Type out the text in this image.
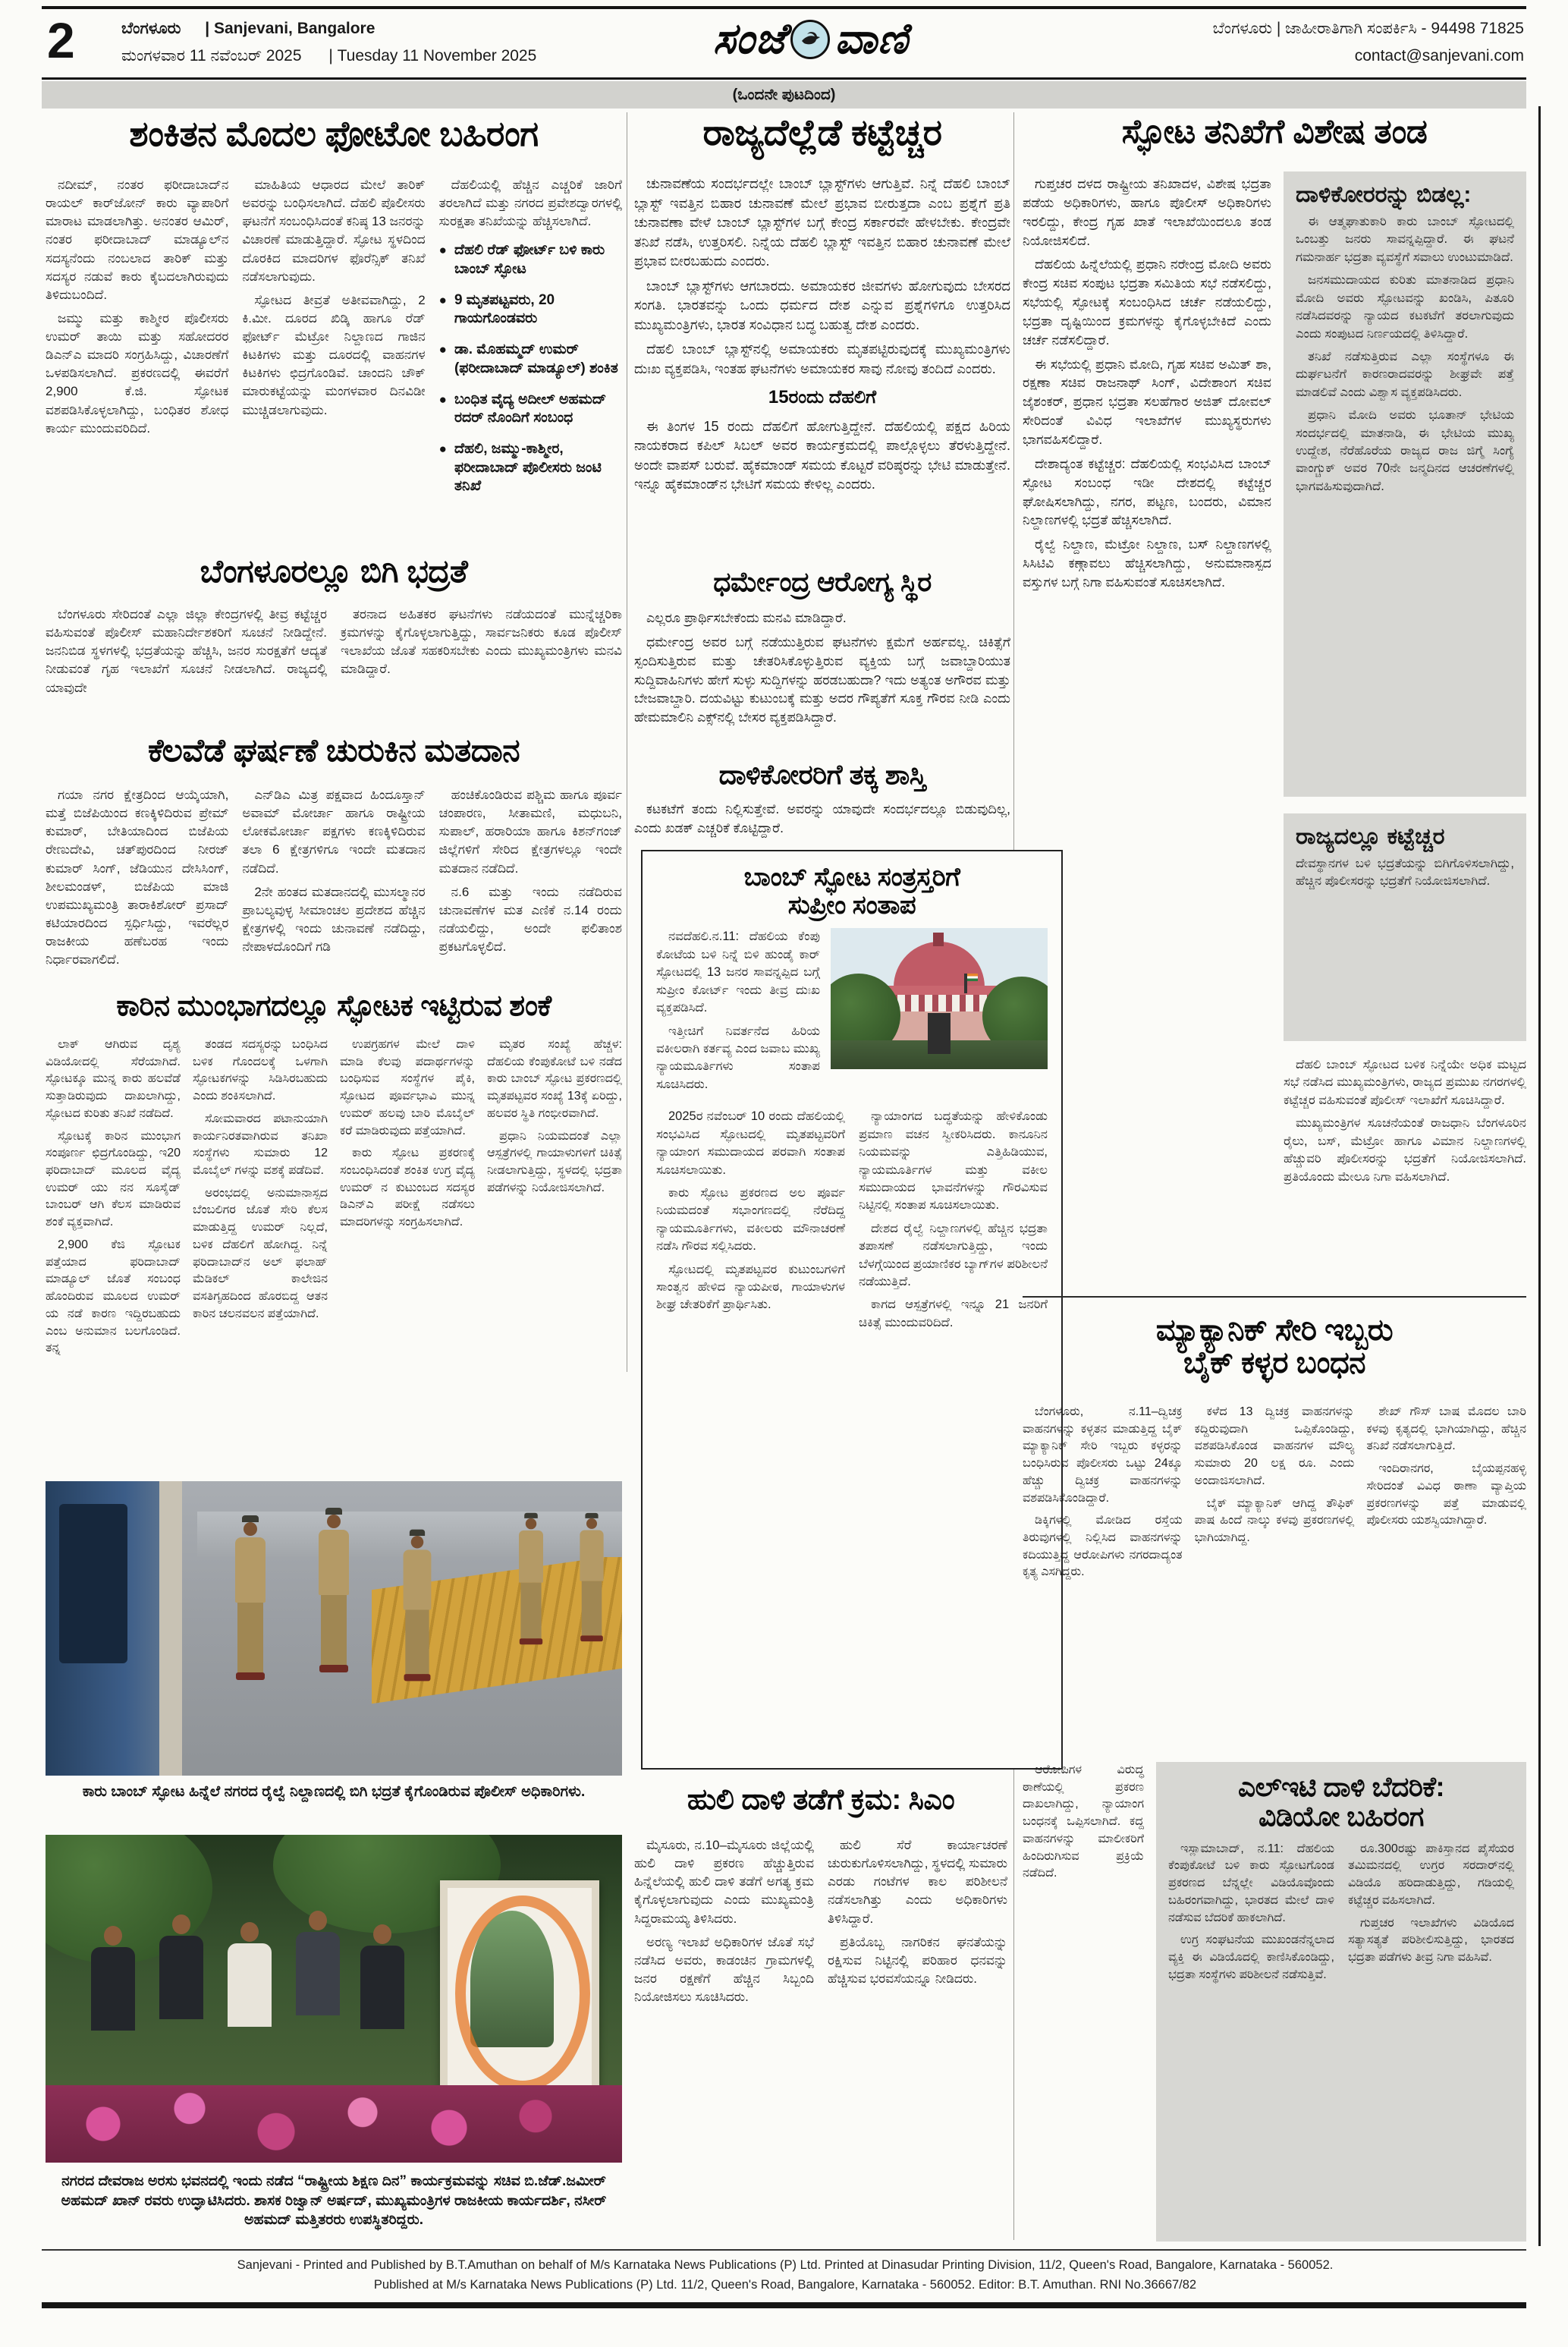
2	ಬೆಂಗಳೂರು | Sanjevani, Bangalore
ಮಂಗಳವಾರ 11 ನವೆಂಬರ್ 2025 | Tuesday 11 November 2025	ಸಂಜೆ ವಾಣಿ	ಬೆಂಗಳೂರು | ಜಾಹೀರಾತಿಗಾಗಿ ಸಂಪರ್ಕಿಸಿ - 94498 71825
contact@sanjevani.com
(ಒಂದನೇ ಪುಟದಿಂದ)
ಶಂಕಿತನ ಮೊದಲ ಫೋಟೋ ಬಹಿರಂಗ

ನದೀಮ್, ನಂತರ ಫರೀದಾಬಾದ್‌ನ ರಾಯಲ್ ಕಾರ್‌ಜೋನ್ ಕಾರು ವ್ಯಾಪಾರಿಗೆ ಮಾರಾಟ ಮಾಡಲಾಗಿತ್ತು. ಅನಂತರ ಆಮಿರ್, ನಂತರ ಫರೀದಾಬಾದ್ ಮಾಡ್ಯೂಲ್‌ನ ಸದಸ್ಯನೆಂದು ನಂಬಲಾದ ತಾರಿಕ್ ಮತ್ತು ಸದಸ್ಯರ ನಡುವೆ ಕಾರು ಕೈಬದಲಾಗಿರುವುದು ತಿಳಿದುಬಂದಿದೆ.

ಜಮ್ಮು ಮತ್ತು ಕಾಶ್ಮೀರ ಪೊಲೀಸರು ಉಮರ್ ತಾಯಿ ಮತ್ತು ಸಹೋದರರ ಡಿಎನ್‌ಎ ಮಾದರಿ ಸಂಗ್ರಹಿಸಿದ್ದು, ವಿಚಾರಣೆಗೆ ಒಳಪಡಿಸಲಾಗಿದೆ. ಪ್ರಕರಣದಲ್ಲಿ ಈವರೆಗೆ 2,900 ಕೆ.ಜಿ. ಸ್ಫೋಟಕ ವಶಪಡಿಸಿಕೊಳ್ಳಲಾಗಿದ್ದು, ಬಂಧಿತರ ಶೋಧ ಕಾರ್ಯ ಮುಂದುವರಿದಿದೆ.

ಮಾಹಿತಿಯ ಆಧಾರದ ಮೇಲೆ ತಾರಿಕ್ ಅವರನ್ನು ಬಂಧಿಸಲಾಗಿದೆ. ದೆಹಲಿ ಪೊಲೀಸರು ಘಟನೆಗೆ ಸಂಬಂಧಿಸಿದಂತೆ ಕನಿಷ್ಠ 13 ಜನರನ್ನು ವಿಚಾರಣೆ ಮಾಡುತ್ತಿದ್ದಾರೆ. ಸ್ಫೋಟ ಸ್ಥಳದಿಂದ ದೊರಕಿದ ಮಾದರಿಗಳ ಫೊರೆನ್ಸಿಕ್ ತನಿಖೆ ನಡೆಸಲಾಗುವುದು.

ಸ್ಫೋಟದ ತೀವ್ರತೆ ಅತೀವವಾಗಿದ್ದು, 2 ಕಿ.ಮೀ. ದೂರದ ಖಿಡ್ಕಿ ಹಾಗೂ ರೆಡ್ ಫೋರ್ಟ್ ಮೆಟ್ರೋ ನಿಲ್ದಾಣದ ಗಾಜಿನ ಕಿಟಕಿಗಳು ಮತ್ತು ದೂರದಲ್ಲಿ ವಾಹನಗಳ ಕಿಟಕಿಗಳು ಛಿದ್ರಗೊಂಡಿವೆ. ಚಾಂದನಿ ಚೌಕ್ ಮಾರುಕಟ್ಟೆಯನ್ನು ಮಂಗಳವಾರ ದಿನವಿಡೀ ಮುಚ್ಚಿಡಲಾಗುವುದು.

ದೆಹಲಿಯಲ್ಲಿ ಹೆಚ್ಚಿನ ಎಚ್ಚರಿಕೆ ಜಾರಿಗೆ ತರಲಾಗಿದೆ ಮತ್ತು ನಗರದ ಪ್ರವೇಶದ್ವಾರಗಳಲ್ಲಿ ಸುರಕ್ಷತಾ ತನಿಖೆಯನ್ನು ಹೆಚ್ಚಿಸಲಾಗಿದೆ.

● ದೆಹಲಿ ರೆಡ್ ಫೋರ್ಟ್ ಬಳಿ ಕಾರು ಬಾಂಬ್ ಸ್ಫೋಟ
● 9 ಮೃತಪಟ್ಟವರು, 20 ಗಾಯಗೊಂಡವರು
● ಡಾ. ಮೊಹಮ್ಮದ್ ಉಮರ್ (ಫರೀದಾಬಾದ್ ಮಾಡ್ಯೂಲ್) ಶಂಕಿತ
● ಬಂಧಿತ ವೈದ್ಯ ಅದೀಲ್ ಅಹಮದ್ ರದರ್ ನೊಂದಿಗೆ ಸಂಬಂಧ
● ದೆಹಲಿ, ಜಮ್ಮು-ಕಾಶ್ಮೀರ, ಫರೀದಾಬಾದ್ ಪೊಲೀಸರು ಜಂಟಿ ತನಿಖೆ
ಬೆಂಗಳೂರಲ್ಲೂ ಬಿಗಿ ಭದ್ರತೆ

ಬೆಂಗಳೂರು ಸೇರಿದಂತೆ ಎಲ್ಲಾ ಜಿಲ್ಲಾ ಕೇಂದ್ರಗಳಲ್ಲಿ ತೀವ್ರ ಕಟ್ಟೆಚ್ಚರ ವಹಿಸುವಂತೆ ಪೊಲೀಸ್ ಮಹಾನಿರ್ದೇಶಕರಿಗೆ ಸೂಚನೆ ನೀಡಿದ್ದೇನೆ. ಜನನಿಬಿಡ ಸ್ಥಳಗಳಲ್ಲಿ ಭದ್ರತೆಯನ್ನು ಹೆಚ್ಚಿಸಿ, ಜನರ ಸುರಕ್ಷತೆಗೆ ಆದ್ಯತೆ ನೀಡುವಂತೆ ಗೃಹ ಇಲಾಖೆಗೆ ಸೂಚನೆ ನೀಡಲಾಗಿದೆ. ರಾಜ್ಯದಲ್ಲಿ ಯಾವುದೇ

ತರನಾದ ಅಹಿತಕರ ಘಟನೆಗಳು ನಡೆಯದಂತೆ ಮುನ್ನೆಚ್ಚರಿಕಾ ಕ್ರಮಗಳನ್ನು ಕೈಗೊಳ್ಳಲಾಗುತ್ತಿದ್ದು, ಸಾರ್ವಜನಿಕರು ಕೂಡ ಪೊಲೀಸ್ ಇಲಾಖೆಯ ಜೊತೆ ಸಹಕರಿಸಬೇಕು ಎಂದು ಮುಖ್ಯಮಂತ್ರಿಗಳು ಮನವಿ ಮಾಡಿದ್ದಾರೆ.

ಕೆಲವೆಡೆ ಘರ್ಷಣೆ ಚುರುಕಿನ ಮತದಾನ

ಗಯಾ ನಗರ ಕ್ಷೇತ್ರದಿಂದ ಆಯ್ಕೆಯಾಗಿ, ಮತ್ತೆ ಬಿಜೆಪಿಯಿಂದ ಕಣಕ್ಕಿಳಿದಿರುವ ಪ್ರೇಮ್ ಕುಮಾರ್, ಬೇತಿಯಾದಿಂದ ಬಿಜೆಪಿಯ ರೇಣುದೇವಿ, ಚತ್‌ಪುರದಿಂದ ನೀರಜ್ ಕುಮಾರ್ ಸಿಂಗ್, ಜೆಡಿಯುನ ದೇಸಿಸಿಂಗ್, ಶೀಲಮಂಡಳ್, ಬಿಜೆಪಿಯ ಮಾಜಿ ಉಪಮುಖ್ಯಮಂತ್ರಿ ತಾರಾಕಿಶೋರ್ ಪ್ರಸಾದ್ ಕಟಿಯಾರದಿಂದ ಸ್ಪರ್ಧಿಸಿದ್ದು, ಇವರೆಲ್ಲರ ರಾಜಕೀಯ ಹಣೆಬರಹ ಇಂದು ನಿರ್ಧಾರವಾಗಲಿದೆ.

ಎನ್‌ಡಿಎ ಮಿತ್ರ ಪಕ್ಷವಾದ ಹಿಂದೂಸ್ತಾನ್ ಅವಾಮ್ ಮೋರ್ಚಾ ಹಾಗೂ ರಾಷ್ಟ್ರೀಯ ಲೋಕಮೋರ್ಚಾ ಪಕ್ಷಗಳು ಕಣಕ್ಕಿಳಿದಿರುವ ತಲಾ 6 ಕ್ಷೇತ್ರಗಳಿಗೂ ಇಂದೇ ಮತದಾನ ನಡೆದಿದೆ.

2ನೇ ಹಂತದ ಮತದಾನದಲ್ಲಿ ಮುಸಲ್ಮಾನರ ಪ್ರಾಬಲ್ಯವುಳ್ಳ ಸೀಮಾಂಚಲ ಪ್ರದೇಶದ ಹೆಚ್ಚಿನ ಕ್ಷೇತ್ರಗಳಲ್ಲಿ ಇಂದು ಚುನಾವಣೆ ನಡೆದಿದ್ದು, ನೇಪಾಳದೊಂದಿಗೆ ಗಡಿ

ಹಂಚಿಕೊಂಡಿರುವ ಪಶ್ಚಿಮ ಹಾಗೂ ಪೂರ್ವ ಚಂಪಾರಣ, ಸೀತಾಮಣಿ, ಮಧುಬನಿ, ಸುಪಾಲ್, ಹರಾರಿಯಾ ಹಾಗೂ ಕಿಶನ್‌ಗಂಜ್ ಜಿಲ್ಲೆಗಳಿಗೆ ಸೇರಿದ ಕ್ಷೇತ್ರಗಳಲ್ಲೂ ಇಂದೇ ಮತದಾನ ನಡೆದಿದೆ.

ನ.6 ಮತ್ತು ಇಂದು ನಡೆದಿರುವ ಚುನಾವಣೆಗಳ ಮತ ಎಣಿಕೆ ನ.14 ರಂದು ನಡೆಯಲಿದ್ದು, ಅಂದೇ ಫಲಿತಾಂಶ ಪ್ರಕಟಗೊಳ್ಳಲಿದೆ.

ಕಾರಿನ ಮುಂಭಾಗದಲ್ಲೂ ಸ್ಫೋಟಕ ಇಟ್ಟಿರುವ ಶಂಕೆ

ಲಾಕ್ ಆಗಿರುವ ದೃಶ್ಯ ವಿಡಿಯೋದಲ್ಲಿ ಸೆರೆಯಾಗಿದೆ. ಸ್ಫೋಟಕ್ಕೂ ಮುನ್ನ ಕಾರು ಹಲವೆಡೆ ಸುತ್ತಾಡಿರುವುದು ದಾಖಲಾಗಿದ್ದು, ಸ್ಫೋಟದ ಕುರಿತು ತನಿಖೆ ನಡೆದಿದೆ.

ಸ್ಫೋಟಕ್ಕೆ ಕಾರಿನ ಮುಂಭಾಗ ಸಂಪೂರ್ಣ ಛಿದ್ರಗೊಂಡಿದ್ದು, ಇ20 ಫರಿದಾಬಾದ್ ಮೂಲದ ವೈದ್ಯ ಉಮರ್ ಯು ನನ ಸೂಸೈಡ್ ಬಾಂಬರ್ ಆಗಿ ಕೆಲಸ ಮಾಡಿರುವ ಶಂಕೆ ವ್ಯಕ್ತವಾಗಿದೆ.

2,900 ಕೆಜಿ ಸ್ಫೋಟಕ ಪತ್ತೆಯಾದ ಫರಿದಾಬಾದ್ ಮಾಡ್ಯೂಲ್ ಜೊತೆ ಸಂಬಂಧ ಹೊಂದಿರುವ ಮೂಲದ ಉಮರ್ ಯ ನಡೆ ಕಾರಣ ಇದ್ದಿರಬಹುದು ಎಂಬ ಅನುಮಾನ ಬಲಗೊಂಡಿದೆ. ತನ್ನ

ತಂಡದ ಸದಸ್ಯರನ್ನು ಬಂಧಿಸಿದ ಬಳಿಕ ಗೊಂದಲಕ್ಕೆ ಒಳಗಾಗಿ ಸ್ಫೋಟಕಗಳನ್ನು ಸಿಡಿಸಿರಬಹುದು ಎಂದು ಶಂಕಿಸಲಾಗಿದೆ.

ಸೋಮವಾರದ ಪಟಾನುಯಾಗಿ ಕಾರ್ಯನಿರತವಾಗಿರುವ ತನಿಖಾ ಸಂಸ್ಥೆಗಳು ಸುಮಾರು 12 ಮೊಬೈಲ್ ಗಳನ್ನು ವಶಕ್ಕೆ ಪಡೆದಿವೆ.

ಅರಂಭದಲ್ಲಿ ಅನುಮಾನಾಸ್ಪದ ಬೆಂಬಲಿಗರ ಜೊತೆ ಸೇರಿ ಕೆಲಸ ಮಾಡುತ್ತಿದ್ದ ಉಮರ್ ನಿಲ್ಲದೆ, ಬಳಿಕ ದೆಹಲಿಗೆ ಹೋಗಿದ್ದ. ನಿನ್ನೆ ಫರಿದಾಬಾದ್‌ನ ಅಲ್ ಫಲಾಹ್ ಮೆಡಿಕಲ್ ಕಾಲೇಜಿನ ವಸತಿಗೃಹದಿಂದ ಹೊರಬಿದ್ದ ಆತನ ಕಾರಿನ ಚಲನವಲನ ಪತ್ತೆಯಾಗಿದೆ.

ಉಪಗ್ರಹಗಳ ಮೇಲೆ ದಾಳಿ ಮಾಡಿ ಕೆಲವು ಪದಾರ್ಥಗಳನ್ನು ಬಂಧಿಸುವ ಸಂಸ್ಥೆಗಳ ಪೈಕಿ, ಸ್ಫೋಟದ ಪೂರ್ವಭಾವಿ ಮುನ್ನ ಉಮರ್ ಹಲವು ಬಾರಿ ಮೊಬೈಲ್ ಕರೆ ಮಾಡಿರುವುದು ಪತ್ತೆಯಾಗಿದೆ.

ಕಾರು ಸ್ಫೋಟ ಪ್ರಕರಣಕ್ಕೆ ಸಂಬಂಧಿಸಿದಂತೆ ಶಂಕಿತ ಉಗ್ರ ವೈದ್ಯ ಉಮರ್ ನ ಕುಟುಂಬದ ಸದಸ್ಯರ ಡಿಎನ್‌ಎ ಪರೀಕ್ಷೆ ನಡೆಸಲು ಮಾದರಿಗಳನ್ನು ಸಂಗ್ರಹಿಸಲಾಗಿದೆ.

ಮೃತರ ಸಂಖ್ಯೆ ಹೆಚ್ಚಳ: ದೆಹಲಿಯ ಕೆಂಪುಕೋಟೆ ಬಳಿ ನಡೆದ ಕಾರು ಬಾಂಬ್ ಸ್ಫೋಟ ಪ್ರಕರಣದಲ್ಲಿ ಮೃತಪಟ್ಟವರ ಸಂಖ್ಯೆ 13ಕ್ಕೆ ಏರಿದ್ದು, ಹಲವರ ಸ್ಥಿತಿ ಗಂಭೀರವಾಗಿದೆ.

ಪ್ರಧಾನಿ ನಿಯಮದಂತೆ ಎಲ್ಲಾ ಆಸ್ಪತ್ರೆಗಳಲ್ಲಿ ಗಾಯಾಳುಗಳಿಗೆ ಚಿಕಿತ್ಸೆ ನೀಡಲಾಗುತ್ತಿದ್ದು, ಸ್ಥಳದಲ್ಲಿ ಭದ್ರತಾ ಪಡೆಗಳನ್ನು ನಿಯೋಜಿಸಲಾಗಿದೆ.

ಕಾರು ಬಾಂಬ್ ಸ್ಫೋಟ ಹಿನ್ನೆಲೆ ನಗರದ ರೈಲ್ವೆ ನಿಲ್ದಾಣದಲ್ಲಿ ಬಿಗಿ ಭದ್ರತೆ ಕೈಗೊಂಡಿರುವ ಪೊಲೀಸ್ ಅಧಿಕಾರಿಗಳು.
ನಗರದ ದೇವರಾಜ ಅರಸು ಭವನದಲ್ಲಿ ಇಂದು ನಡೆದ “ರಾಷ್ಟ್ರೀಯ ಶಿಕ್ಷಣ ದಿನ” ಕಾರ್ಯಕ್ರಮವನ್ನು ಸಚಿವ ಬಿ.ಜೆಡ್.ಜಮೀರ್ ಅಹಮದ್ ಖಾನ್ ರವರು ಉದ್ಘಾಟಿಸಿದರು. ಶಾಸಕ ರಿಜ್ವಾನ್ ಅರ್ಷದ್, ಮುಖ್ಯಮಂತ್ರಿಗಳ ರಾಜಕೀಯ ಕಾರ್ಯದರ್ಶಿ, ನಸೀರ್ ಅಹಮದ್ ಮತ್ತಿತರರು ಉಪಸ್ಥಿತರಿದ್ದರು.
ರಾಜ್ಯದೆಲ್ಲೆಡೆ ಕಟ್ಟೆಚ್ಚರ

ಚುನಾವಣೆಯ ಸಂದರ್ಭದಲ್ಲೇ ಬಾಂಬ್ ಬ್ಲಾಸ್ಟ್‌ಗಳು ಆಗುತ್ತಿವೆ. ನಿನ್ನೆ ದೆಹಲಿ ಬಾಂಬ್ ಬ್ಲಾಸ್ಟ್ ಇವತ್ತಿನ ಬಿಹಾರ ಚುನಾವಣೆ ಮೇಲೆ ಪ್ರಭಾವ ಬೀರುತ್ತದಾ ಎಂಬ ಪ್ರಶ್ನೆಗೆ ಪ್ರತಿ ಚುನಾವಣಾ ವೇಳೆ ಬಾಂಬ್ ಬ್ಲಾಸ್ಟ್‌ಗಳ ಬಗ್ಗೆ ಕೇಂದ್ರ ಸರ್ಕಾರವೇ ಹೇಳಬೇಕು. ಕೇಂದ್ರವೇ ತನಿಖೆ ನಡೆಸಿ, ಉತ್ತರಿಸಲಿ. ನಿನ್ನೆಯ ದೆಹಲಿ ಬ್ಲಾಸ್ಟ್ ಇವತ್ತಿನ ಬಿಹಾರ ಚುನಾವಣೆ ಮೇಲೆ ಪ್ರಭಾವ ಬೀರಬಹುದು ಎಂದರು.

ಬಾಂಬ್ ಬ್ಲಾಸ್ಟ್‌ಗಳು ಆಗಬಾರದು. ಅಮಾಯಕರ ಜೀವಗಳು ಹೋಗುವುದು ಬೇಸರದ ಸಂಗತಿ. ಭಾರತವನ್ನು ಒಂದು ಧರ್ಮದ ದೇಶ ಎನ್ನುವ ಪ್ರಶ್ನೆಗಳಿಗೂ ಉತ್ತರಿಸಿದ ಮುಖ್ಯಮಂತ್ರಿಗಳು, ಭಾರತ ಸಂವಿಧಾನ ಬದ್ಧ ಬಹುತ್ವ ದೇಶ ಎಂದರು.

ದೆಹಲಿ ಬಾಂಬ್ ಬ್ಲಾಸ್ಟ್‌ನಲ್ಲಿ ಅಮಾಯಕರು ಮೃತಪಟ್ಟಿರುವುದಕ್ಕೆ ಮುಖ್ಯಮಂತ್ರಿಗಳು ದುಃಖ ವ್ಯಕ್ತಪಡಿಸಿ, ಇಂತಹ ಘಟನೆಗಳು ಅಮಾಯಕರ ಸಾವು ನೋವು ತಂದಿದೆ ಎಂದರು.

15ರಂದು ದೆಹಲಿಗೆ

ಈ ತಿಂಗಳ 15 ರಂದು ದೆಹಲಿಗೆ ಹೋಗುತ್ತಿದ್ದೇನೆ. ದೆಹಲಿಯಲ್ಲಿ ಪಕ್ಷದ ಹಿರಿಯ ನಾಯಕರಾದ ಕಪಿಲ್ ಸಿಬಲ್ ಅವರ ಕಾರ್ಯಕ್ರಮದಲ್ಲಿ ಪಾಲ್ಗೊಳ್ಳಲು ತೆರಳುತ್ತಿದ್ದೇನೆ. ಅಂದೇ ವಾಪಸ್ ಬರುವೆ. ಹೈಕಮಾಂಡ್ ಸಮಯ ಕೊಟ್ಟರೆ ವರಿಷ್ಠರನ್ನು ಭೇಟಿ ಮಾಡುತ್ತೇನೆ. ಇನ್ನೂ ಹೈಕಮಾಂಡ್‌ನ ಭೇಟಿಗೆ ಸಮಯ ಕೇಳಿಲ್ಲ ಎಂದರು.

ಧರ್ಮೇಂದ್ರ ಆರೋಗ್ಯ ಸ್ಥಿರ

ಎಲ್ಲರೂ ಪ್ರಾರ್ಥಿಸಬೇಕೆಂದು ಮನವಿ ಮಾಡಿದ್ದಾರೆ.

ಧರ್ಮೇಂದ್ರ ಅವರ ಬಗ್ಗೆ ನಡೆಯುತ್ತಿರುವ ಘಟನೆಗಳು ಕ್ಷಮೆಗೆ ಅರ್ಹವಲ್ಲ. ಚಿಕಿತ್ಸೆಗೆ ಸ್ಪಂದಿಸುತ್ತಿರುವ ಮತ್ತು ಚೇತರಿಸಿಕೊಳ್ಳುತ್ತಿರುವ ವ್ಯಕ್ತಿಯ ಬಗ್ಗೆ ಜವಾಬ್ದಾರಿಯುತ ಸುದ್ದಿವಾಹಿನಿಗಳು ಹೇಗೆ ಸುಳ್ಳು ಸುದ್ದಿಗಳನ್ನು ಹರಡಬಹುದಾ? ಇದು ಅತ್ಯಂತ ಅಗೌರವ ಮತ್ತು ಬೇಜವಾಬ್ದಾರಿ. ದಯವಿಟ್ಟು ಕುಟುಂಬಕ್ಕೆ ಮತ್ತು ಅದರ ಗೌಪ್ಯತೆಗೆ ಸೂಕ್ತ ಗೌರವ ನೀಡಿ ಎಂದು ಹೇಮಮಾಲಿನಿ ಎಕ್ಸ್‌ನಲ್ಲಿ ಬೇಸರ ವ್ಯಕ್ತಪಡಿಸಿದ್ದಾರೆ.

ದಾಳಿಕೋರರಿಗೆ ತಕ್ಕ ಶಾಸ್ತಿ

ಕಟಕಟೆಗೆ ತಂದು ನಿಲ್ಲಿಸುತ್ತೇವೆ. ಅವರನ್ನು ಯಾವುದೇ ಸಂದರ್ಭದಲ್ಲೂ ಬಿಡುವುದಿಲ್ಲ, ಎಂದು ಖಡಕ್ ಎಚ್ಚರಿಕೆ ಕೊಟ್ಟಿದ್ದಾರೆ.

ಬಾಂಬ್ ಸ್ಫೋಟ ಸಂತ್ರಸ್ತರಿಗೆ
ಸುಪ್ರೀಂ ಸಂತಾಪ

ನವದೆಹಲಿ.ನ.11: ದೆಹಲಿಯ ಕೆಂಪು ಕೋಟೆಯ ಬಳಿ ನಿನ್ನೆ ಬಿಳಿ ಹುಂಡೈ ಕಾರ್ ಸ್ಫೋಟದಲ್ಲಿ 13 ಜನರ ಸಾವನ್ನಪ್ಪಿದ ಬಗ್ಗೆ ಸುಪ್ರೀಂ ಕೋರ್ಟ್ ಇಂದು ತೀವ್ರ ದುಃಖ ವ್ಯಕ್ತಪಡಿಸಿದೆ.

ಇತ್ತೀಚಿಗೆ ನಿವರ್ತನೆದ ಹಿರಿಯ ವಕೀಲರಾಗಿ ಕರ್ತವ್ಯ ಎಂದ ಜವಾಬ ಮುಖ್ಯ ನ್ಯಾಯಮೂರ್ತಿಗಳು ಸಂತಾಪ ಸೂಚಿಸಿದರು.

2025ರ ನವೆಂಬರ್ 10 ರಂದು ದೆಹಲಿಯಲ್ಲಿ ಸಂಭವಿಸಿದ ಸ್ಫೋಟದಲ್ಲಿ ಮೃತಪಟ್ಟವರಿಗೆ ನ್ಯಾಯಾಂಗ ಸಮುದಾಯದ ಪರವಾಗಿ ಸಂತಾಪ ಸೂಚಿಸಲಾಯಿತು.

ಕಾರು ಸ್ಫೋಟ ಪ್ರಕರಣದ ಅಲ ಪೂರ್ವ ನಿಯಮದಂತೆ ಸಭಾಂಗಣದಲ್ಲಿ ನೆರೆದಿದ್ದ ನ್ಯಾಯಮೂರ್ತಿಗಳು, ವಕೀಲರು ಮೌನಾಚರಣೆ ನಡೆಸಿ ಗೌರವ ಸಲ್ಲಿಸಿದರು.

ಸ್ಫೋಟದಲ್ಲಿ ಮೃತಪಟ್ಟವರ ಕುಟುಂಬಗಳಿಗೆ ಸಾಂತ್ವನ ಹೇಳಿದ ನ್ಯಾಯಪೀಠ, ಗಾಯಾಳುಗಳ ಶೀಘ್ರ ಚೇತರಿಕೆಗೆ ಪ್ರಾರ್ಥಿಸಿತು.

ನ್ಯಾಯಾಂಗದ ಬದ್ಧತೆಯನ್ನು ಹೇಳಿಕೊಂಡು ಪ್ರಮಾಣ ವಚನ ಸ್ವೀಕರಿಸಿದರು. ಕಾನೂನಿನ ನಿಯಮವನ್ನು ಎತ್ತಿಹಿಡಿಯುವ, ನ್ಯಾಯಮೂರ್ತಿಗಳ ಮತ್ತು ವಕೀಲ ಸಮುದಾಯದ ಭಾವನೆಗಳನ್ನು ಗೌರವಿಸುವ ನಿಟ್ಟಿನಲ್ಲಿ ಸಂತಾಪ ಸೂಚಿಸಲಾಯಿತು.

ದೇಶದ ರೈಲ್ವೆ ನಿಲ್ದಾಣಗಳಲ್ಲಿ ಹೆಚ್ಚಿನ ಭದ್ರತಾ ತಪಾಸಣೆ ನಡೆಸಲಾಗುತ್ತಿದ್ದು, ಇಂದು ಬೆಳಗ್ಗೆಯಿಂದ ಪ್ರಯಾಣಿಕರ ಬ್ಯಾಗ್‌ಗಳ ಪರಿಶೀಲನೆ ನಡೆಯುತ್ತಿದೆ.

ಕಾಗದ ಆಸ್ಪತ್ರೆಗಳಲ್ಲಿ ಇನ್ನೂ 21 ಜನರಿಗೆ ಚಿಕಿತ್ಸೆ ಮುಂದುವರಿದಿದೆ.

ಹುಲಿ ದಾಳಿ ತಡೆಗೆ ಕ್ರಮ: ಸಿಎಂ

ಮೈಸೂರು, ನ.10–ಮೈಸೂರು ಜಿಲ್ಲೆಯಲ್ಲಿ ಹುಲಿ ದಾಳಿ ಪ್ರಕರಣ ಹೆಚ್ಚುತ್ತಿರುವ ಹಿನ್ನೆಲೆಯಲ್ಲಿ ಹುಲಿ ದಾಳಿ ತಡೆಗೆ ಅಗತ್ಯ ಕ್ರಮ ಕೈಗೊಳ್ಳಲಾಗುವುದು ಎಂದು ಮುಖ್ಯಮಂತ್ರಿ ಸಿದ್ದರಾಮಯ್ಯ ತಿಳಿಸಿದರು.

ಅರಣ್ಯ ಇಲಾಖೆ ಅಧಿಕಾರಿಗಳ ಜೊತೆ ಸಭೆ ನಡೆಸಿದ ಅವರು, ಕಾಡಂಚಿನ ಗ್ರಾಮಗಳಲ್ಲಿ ಜನರ ರಕ್ಷಣೆಗೆ ಹೆಚ್ಚಿನ ಸಿಬ್ಬಂದಿ ನಿಯೋಜಿಸಲು ಸೂಚಿಸಿದರು.

ಹುಲಿ ಸೆರೆ ಕಾರ್ಯಾಚರಣೆ ಚುರುಕುಗೊಳಿಸಲಾಗಿದ್ದು, ಸ್ಥಳದಲ್ಲಿ ಸುಮಾರು ಎರಡು ಗಂಟೆಗಳ ಕಾಲ ಪರಿಶೀಲನೆ ನಡೆಸಲಾಗಿತ್ತು ಎಂದು ಅಧಿಕಾರಿಗಳು ತಿಳಿಸಿದ್ದಾರೆ.

ಪ್ರತಿಯೊಬ್ಬ ನಾಗರಿಕನ ಘನತೆಯನ್ನು ರಕ್ಷಿಸುವ ನಿಟ್ಟಿನಲ್ಲಿ ಪರಿಹಾರ ಧನವನ್ನು ಹೆಚ್ಚಿಸುವ ಭರವಸೆಯನ್ನೂ ನೀಡಿದರು.

ಸ್ಫೋಟ ತನಿಖೆಗೆ ವಿಶೇಷ ತಂಡ

ಗುಪ್ತಚರ ದಳದ ರಾಷ್ಟ್ರೀಯ ತನಿಖಾದಳ, ವಿಶೇಷ ಭದ್ರತಾ ಪಡೆಯ ಅಧಿಕಾರಿಗಳು, ಹಾಗೂ ಪೊಲೀಸ್ ಅಧಿಕಾರಿಗಳು ಇರಲಿದ್ದು, ಕೇಂದ್ರ ಗೃಹ ಖಾತೆ ಇಲಾಖೆಯಿಂದಲೂ ತಂಡ ನಿಯೋಜಿಸಲಿದೆ.

ದೆಹಲಿಯ ಹಿನ್ನೆಲೆಯಲ್ಲಿ ಪ್ರಧಾನಿ ನರೇಂದ್ರ ಮೋದಿ ಅವರು ಕೇಂದ್ರ ಸಚಿವ ಸಂಪುಟ ಭದ್ರತಾ ಸಮಿತಿಯ ಸಭೆ ನಡೆಸಲಿದ್ದು, ಸಭೆಯಲ್ಲಿ ಸ್ಫೋಟಕ್ಕೆ ಸಂಬಂಧಿಸಿದ ಚರ್ಚೆ ನಡೆಯಲಿದ್ದು, ಭದ್ರತಾ ದೃಷ್ಟಿಯಿಂದ ಕ್ರಮಗಳನ್ನು ಕೈಗೊಳ್ಳಬೇಕಿದೆ ಎಂದು ಚರ್ಚೆ ನಡೆಸಲಿದ್ದಾರೆ.

ಈ ಸಭೆಯಲ್ಲಿ ಪ್ರಧಾನಿ ಮೋದಿ, ಗೃಹ ಸಚಿವ ಅಮಿತ್ ಶಾ, ರಕ್ಷಣಾ ಸಚಿವ ರಾಜನಾಥ್ ಸಿಂಗ್, ವಿದೇಶಾಂಗ ಸಚಿವ ಜೈಶಂಕರ್, ಪ್ರಧಾನ ಭದ್ರತಾ ಸಲಹೆಗಾರ ಅಜಿತ್ ದೋವಲ್ ಸೇರಿದಂತೆ ವಿವಿಧ ಇಲಾಖೆಗಳ ಮುಖ್ಯಸ್ಥರುಗಳು ಭಾಗವಹಿಸಲಿದ್ದಾರೆ.

ದೇಶಾದ್ಯಂತ ಕಟ್ಟೆಚ್ಚರ: ದೆಹಲಿಯಲ್ಲಿ ಸಂಭವಿಸಿದ ಬಾಂಬ್ ಸ್ಫೋಟ ಸಂಬಂಧ ಇಡೀ ದೇಶದಲ್ಲಿ ಕಟ್ಟೆಚ್ಚರ ಘೋಷಿಸಲಾಗಿದ್ದು, ನಗರ, ಪಟ್ಟಣ, ಬಂದರು, ವಿಮಾನ ನಿಲ್ದಾಣಗಳಲ್ಲಿ ಭದ್ರತೆ ಹೆಚ್ಚಿಸಲಾಗಿದೆ.

ರೈಲ್ವೆ ನಿಲ್ದಾಣ, ಮೆಟ್ರೋ ನಿಲ್ದಾಣ, ಬಸ್ ನಿಲ್ದಾಣಗಳಲ್ಲಿ ಸಿಸಿಟಿವಿ ಕಣ್ಗಾವಲು ಹೆಚ್ಚಿಸಲಾಗಿದ್ದು, ಅನುಮಾನಾಸ್ಪದ ವಸ್ತುಗಳ ಬಗ್ಗೆ ನಿಗಾ ವಹಿಸುವಂತೆ ಸೂಚಿಸಲಾಗಿದೆ.

ದಾಳಿಕೋರರನ್ನು ಬಿಡಲ್ಲ:

ಈ ಆತ್ಮಘಾತುಕಾರಿ ಕಾರು ಬಾಂಬ್ ಸ್ಫೋಟದಲ್ಲಿ ಒಂಬತ್ತು ಜನರು ಸಾವನ್ನಪ್ಪಿದ್ದಾರೆ. ಈ ಘಟನೆ ಗಮನಾರ್ಹ ಭದ್ರತಾ ವ್ಯವಸ್ಥೆಗೆ ಸವಾಲು ಉಂಟುಮಾಡಿದೆ.

ಜನಸಮುದಾಯದ ಕುರಿತು ಮಾತನಾಡಿದ ಪ್ರಧಾನಿ ಮೋದಿ ಅವರು ಸ್ಫೋಟವನ್ನು ಖಂಡಿಸಿ, ಪಿತೂರಿ ನಡೆಸಿದವರನ್ನು ನ್ಯಾಯದ ಕಟಕಟೆಗೆ ತರಲಾಗುವುದು ಎಂದು ಸಂಪುಟದ ನಿರ್ಣಯದಲ್ಲಿ ತಿಳಿಸಿದ್ದಾರೆ.

ತನಿಖೆ ನಡೆಸುತ್ತಿರುವ ಎಲ್ಲಾ ಸಂಸ್ಥೆಗಳೂ ಈ ದುರ್ಘಟನೆಗೆ ಕಾರಣರಾದವರನ್ನು ಶೀಘ್ರವೇ ಪತ್ತೆ ಮಾಡಲಿವೆ ಎಂದು ವಿಶ್ವಾಸ ವ್ಯಕ್ತಪಡಿಸಿದರು.

ಪ್ರಧಾನಿ ಮೋದಿ ಅವರು ಭೂತಾನ್ ಭೇಟಿಯ ಸಂದರ್ಭದಲ್ಲಿ ಮಾತನಾಡಿ, ಈ ಭೇಟಿಯ ಮುಖ್ಯ ಉದ್ದೇಶ, ನೆರೆಹೊರೆಯ ರಾಜ್ಯದ ರಾಜ ಜಿಗ್ಮೆ ಸಿಂಗ್ಯೆ ವಾಂಗ್ಚುಕ್ ಅವರ 70ನೇ ಜನ್ಮದಿನದ ಆಚರಣೆಗಳಲ್ಲಿ ಭಾಗವಹಿಸುವುದಾಗಿದೆ.

ರಾಜ್ಯದಲ್ಲೂ ಕಟ್ಟೆಚ್ಚರ
ದೇವಸ್ಥಾನಗಳ ಬಳಿ ಭದ್ರತೆಯನ್ನು ಬಿಗಿಗೊಳಿಸಲಾಗಿದ್ದು, ಹೆಚ್ಚಿನ ಪೊಲೀಸರನ್ನು ಭದ್ರತೆಗೆ ನಿಯೋಜಿಸಲಾಗಿದೆ.

ದೆಹಲಿ ಬಾಂಬ್ ಸ್ಫೋಟದ ಬಳಿಕ ನಿನ್ನೆಯೇ ಅಧಿಕ ಮಟ್ಟದ ಸಭೆ ನಡೆಸಿದ ಮುಖ್ಯಮಂತ್ರಿಗಳು, ರಾಜ್ಯದ ಪ್ರಮುಖ ನಗರಗಳಲ್ಲಿ ಕಟ್ಟೆಚ್ಚರ ವಹಿಸುವಂತೆ ಪೊಲೀಸ್ ಇಲಾಖೆಗೆ ಸೂಚಿಸಿದ್ದಾರೆ.

ಮುಖ್ಯಮಂತ್ರಿಗಳ ಸೂಚನೆಯಂತೆ ರಾಜಧಾನಿ ಬೆಂಗಳೂರಿನ ರೈಲು, ಬಸ್, ಮೆಟ್ರೋ ಹಾಗೂ ವಿಮಾನ ನಿಲ್ದಾಣಗಳಲ್ಲಿ ಹೆಚ್ಚುವರಿ ಪೊಲೀಸರನ್ನು ಭದ್ರತೆಗೆ ನಿಯೋಜಿಸಲಾಗಿದೆ. ಪ್ರತಿಯೊಂದು ಮೇಲೂ ನಿಗಾ ವಹಿಸಲಾಗಿದೆ.

ಮ್ಯಾಕ್ಯಾನಿಕ್ ಸೇರಿ ಇಬ್ಬರು
ಬೈಕ್ ಕಳ್ಳರ ಬಂಧನ

ಬೆಂಗಳೂರು, ನ.11–ದ್ವಿಚಕ್ರ ವಾಹನಗಳನ್ನು ಕಳ್ಳತನ ಮಾಡುತ್ತಿದ್ದ ಬೈಕ್ ಮ್ಯಾಕ್ಯಾನಿಕ್ ಸೇರಿ ಇಬ್ಬರು ಕಳ್ಳರನ್ನು ಬಂಧಿಸಿರುವ ಪೊಲೀಸರು ಒಟ್ಟು 24ಕ್ಕೂ ಹೆಚ್ಚು ದ್ವಿಚಕ್ರ ವಾಹನಗಳನ್ನು ವಶಪಡಿಸಿಕೊಂಡಿದ್ದಾರೆ.

ಡಿಕ್ಕಿಗಳಲ್ಲಿ ಮೋಡಿದ ರಸ್ತೆಯ ತಿರುವುಗಳಲ್ಲಿ ನಿಲ್ಲಿಸಿದ ವಾಹನಗಳನ್ನು ಕದಿಯುತ್ತಿದ್ದ ಆರೋಪಿಗಳು ನಗರದಾದ್ಯಂತ ಕೃತ್ಯ ಎಸಗಿದ್ದರು.

ಕಳೆದ 13 ದ್ವಿಚಕ್ರ ವಾಹನಗಳನ್ನು ಕದ್ದಿರುವುದಾಗಿ ಒಪ್ಪಿಕೊಂಡಿದ್ದು, ವಶಪಡಿಸಿಕೊಂಡ ವಾಹನಗಳ ಮೌಲ್ಯ ಸುಮಾರು 20 ಲಕ್ಷ ರೂ. ಎಂದು ಅಂದಾಜಿಸಲಾಗಿದೆ.

ಬೈಕ್ ಮ್ಯಾಕ್ಯಾನಿಕ್ ಆಗಿದ್ದ ತೌಫಿಕ್ ಪಾಷ ಹಿಂದೆ ನಾಲ್ಕು ಕಳವು ಪ್ರಕರಣಗಳಲ್ಲಿ ಭಾಗಿಯಾಗಿದ್ದ.

ಶೇಖ್ ಗೌಸ್ ಬಾಷ ಮೊದಲ ಬಾರಿ ಕಳವು ಕೃತ್ಯದಲ್ಲಿ ಭಾಗಿಯಾಗಿದ್ದು, ಹೆಚ್ಚಿನ ತನಿಖೆ ನಡೆಸಲಾಗುತ್ತಿದೆ.

ಇಂದಿರಾನಗರ, ಬೈಯಪ್ಪನಹಳ್ಳಿ ಸೇರಿದಂತೆ ವಿವಿಧ ಠಾಣಾ ವ್ಯಾಪ್ತಿಯ ಪ್ರಕರಣಗಳನ್ನು ಪತ್ತೆ ಮಾಡುವಲ್ಲಿ ಪೊಲೀಸರು ಯಶಸ್ವಿಯಾಗಿದ್ದಾರೆ.

ಆರೋಪಿಗಳ ವಿರುದ್ಧ ಠಾಣೆಯಲ್ಲಿ ಪ್ರಕರಣ ದಾಖಲಾಗಿದ್ದು, ನ್ಯಾಯಾಂಗ ಬಂಧನಕ್ಕೆ ಒಪ್ಪಿಸಲಾಗಿದೆ. ಕದ್ದ ವಾಹನಗಳನ್ನು ಮಾಲೀಕರಿಗೆ ಹಿಂದಿರುಗಿಸುವ ಪ್ರಕ್ರಿಯೆ ನಡೆದಿದೆ.

ಎಲ್‌ಇಟಿ ದಾಳಿ ಬೆದರಿಕೆ:
ವಿಡಿಯೋ ಬಹಿರಂಗ

ಇಸ್ಲಾಮಾಬಾದ್, ನ.11: ದೆಹಲಿಯ ಕೆಂಪುಕೋಟೆ ಬಳಿ ಕಾರು ಸ್ಫೋಟಗೊಂಡ ಪ್ರಕರಣದ ಬೆನ್ನಲ್ಲೇ ವಿಡಿಯೊವೊಂದು ಬಹಿರಂಗವಾಗಿದ್ದು, ಭಾರತದ ಮೇಲೆ ದಾಳಿ ನಡೆಸುವ ಬೆದರಿಕೆ ಹಾಕಲಾಗಿದೆ.

ಉಗ್ರ ಸಂಘಟನೆಯ ಮುಖಂಡನೆನ್ನಲಾದ ವ್ಯಕ್ತಿ ಈ ವಿಡಿಯೊದಲ್ಲಿ ಕಾಣಿಸಿಕೊಂಡಿದ್ದು, ಭದ್ರತಾ ಸಂಸ್ಥೆಗಳು ಪರಿಶೀಲನೆ ನಡೆಸುತ್ತಿವೆ.

ರೂ.300ರಷ್ಟು ಪಾಕಿಸ್ತಾನದ ಪೈಸೆಯರ ತಮಿಮನದಲ್ಲಿ ಉಗ್ರರ ಸರದಾರ್‌ನಲ್ಲಿ ವಿಡಿಯೊ ಹರಿದಾಡುತ್ತಿದ್ದು, ಗಡಿಯಲ್ಲಿ ಕಟ್ಟೆಚ್ಚರ ವಹಿಸಲಾಗಿದೆ.

ಗುಪ್ತಚರ ಇಲಾಖೆಗಳು ವಿಡಿಯೊದ ಸತ್ಯಾಸತ್ಯತೆ ಪರಿಶೀಲಿಸುತ್ತಿದ್ದು, ಭಾರತದ ಭದ್ರತಾ ಪಡೆಗಳು ತೀವ್ರ ನಿಗಾ ವಹಿಸಿವೆ.

Sanjevani - Printed and Published by B.T.Amuthan on behalf of M/s Karnataka News Publications (P) Ltd. Printed at Dinasudar Printing Division, 11/2, Queen's Road, Bangalore, Karnataka - 560052.
Published at M/s Karnataka News Publications (P) Ltd. 11/2, Queen's Road, Bangalore, Karnataka - 560052. Editor: B.T. Amuthan. RNI No.36667/82
